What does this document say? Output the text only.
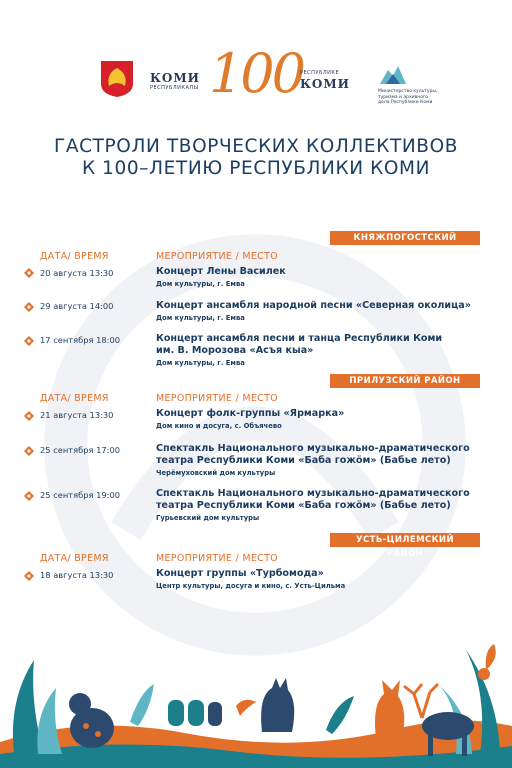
КОМИ
РЕСПУБЛИКАЛЫ 100
РЕСПУБЛИКЕ
КОМИ
Министерство культуры, туризма и архивного дела Республики Коми
ГАСТРОЛИ ТВОРЧЕСКИХ КОЛЛЕКТИВОВ
К 100–ЛЕТИЮ РЕСПУБЛИКИ КОМИ
КНЯЖПОГОСТСКИЙ РАЙОН
ДАТА/ ВРЕМЯ	МЕРОПРИЯТИЕ / МЕСТО
20 августа 13:30	Концерт Лены Василек
Дом культуры, г. Емва
29 августа 14:00	Концерт ансамбля народной песни «Северная околица»
Дом культуры, г. Емва
17 сентября 18:00	Концерт ансамбля песни и танца Республики Коми
им. В. Морозова «Асъя кыа»
Дом культуры, г. Емва
ПРИЛУЗСКИЙ РАЙОН
ДАТА/ ВРЕМЯ	МЕРОПРИЯТИЕ / МЕСТО
21 августа 13:30	Концерт фолк-группы «Ярмарка»
Дом кино и досуга, с. Объячево
25 сентября 17:00	Спектакль Национального музыкально-драматического
театра Республики Коми «Баба гожӧм» (Бабье лето)
Черёмуховский дом культуры
25 сентября 19:00	Спектакль Национального музыкально-драматического
театра Республики Коми «Баба гожӧм» (Бабье лето)
Гурьевский дом культуры
УСТЬ-ЦИЛЕМСКИЙ РАЙОН
ДАТА/ ВРЕМЯ	МЕРОПРИЯТИЕ / МЕСТО
18 августа 13:30	Концерт группы «Турбомода»
Центр культуры, досуга и кино, с. Усть-Цильма
